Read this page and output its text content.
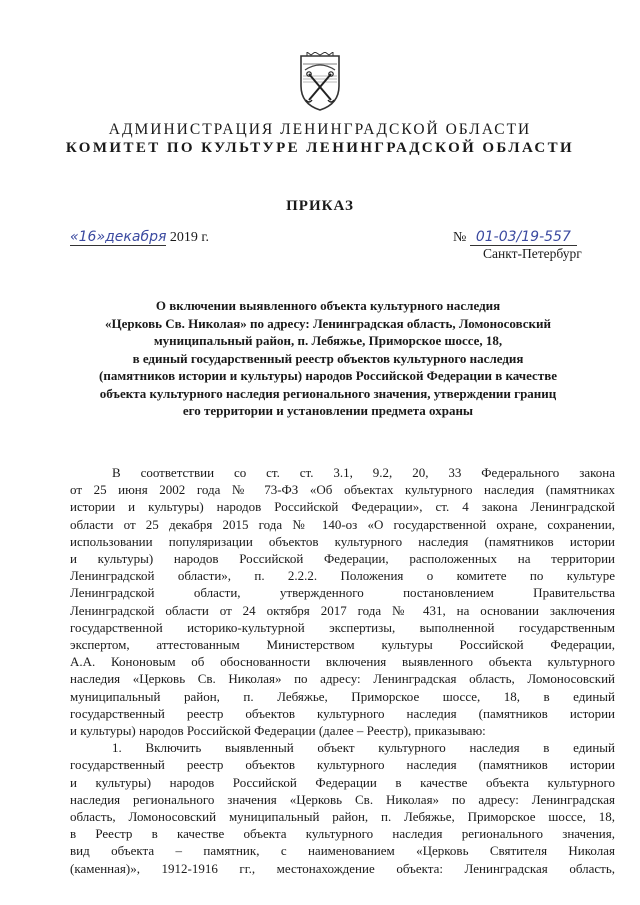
АДМИНИСТРАЦИЯ ЛЕНИНГРАДСКОЙ ОБЛАСТИ
КОМИТЕТ ПО КУЛЬТУРЕ ЛЕНИНГРАДСКОЙ ОБЛАСТИ
ПРИКАЗ
«16»декабря 2019 г.	№ 01-03/19-557
Санкт-Петербург
О включении выявленного объекта культурного наследия
«Церковь Св. Николая» по адресу: Ленинградская область, Ломоносовский
муниципальный район, п. Лебяжье, Приморское шоссе, 18,
в единый государственный реестр объектов культурного наследия
(памятников истории и культуры) народов Российской Федерации в качестве
объекта культурного наследия регионального значения, утверждении границ
его территории и установлении предмета охраны
В соответствии со ст. ст. 3.1, 9.2, 20, 33 Федерального закона
от 25 июня 2002 года № 73-ФЗ «Об объектах культурного наследия (памятниках
истории и культуры) народов Российской Федерации», ст. 4 закона Ленинградской
области от 25 декабря 2015 года № 140-оз «О государственной охране, сохранении,
использовании популяризации объектов культурного наследия (памятников истории
и культуры) народов Российской Федерации, расположенных на территории
Ленинградской области», п. 2.2.2. Положения о комитете по культуре
Ленинградской области, утвержденного постановлением Правительства
Ленинградской области от 24 октября 2017 года № 431, на основании заключения
государственной историко-культурной экспертизы, выполненной государственным
экспертом, аттестованным Министерством культуры Российской Федерации,
А.А. Кононовым об обоснованности включения выявленного объекта культурного
наследия «Церковь Св. Николая» по адресу: Ленинградская область, Ломоносовский
муниципальный район, п. Лебяжье, Приморское шоссе, 18, в единый
государственный реестр объектов культурного наследия (памятников истории
и культуры) народов Российской Федерации (далее – Реестр), приказываю:
1. Включить выявленный объект культурного наследия в единый
государственный реестр объектов культурного наследия (памятников истории
и культуры) народов Российской Федерации в качестве объекта культурного
наследия регионального значения «Церковь Св. Николая» по адресу: Ленинградская
область, Ломоносовский муниципальный район, п. Лебяжье, Приморское шоссе, 18,
в Реестр в качестве объекта культурного наследия регионального значения,
вид объекта – памятник, с наименованием «Церковь Святителя Николая
(каменная)», 1912-1916 гг., местонахождение объекта: Ленинградская область,
